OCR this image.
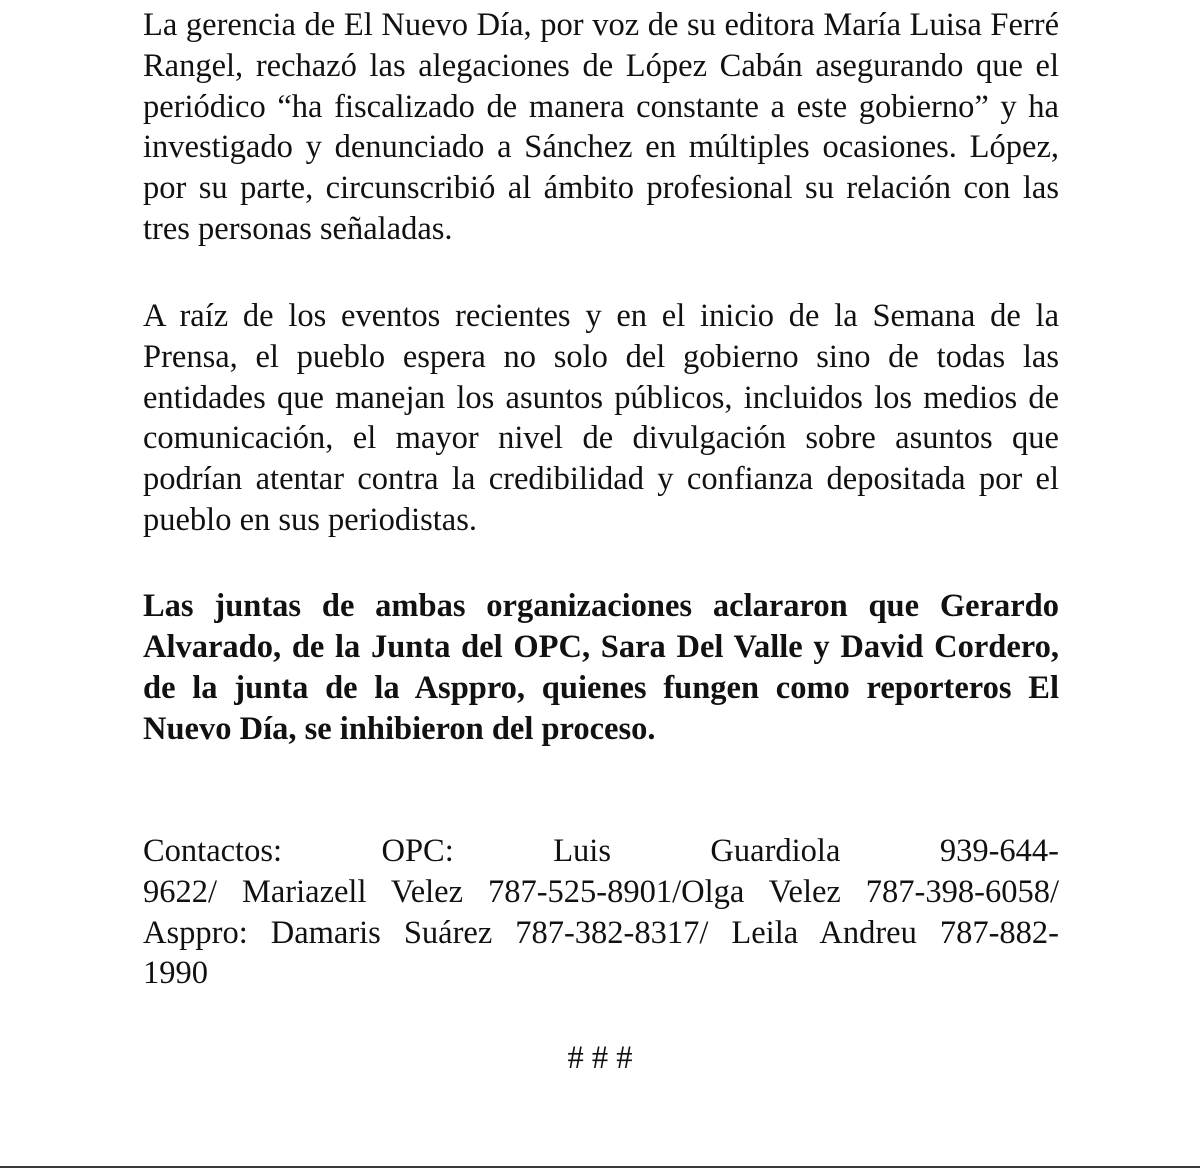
La gerencia de El Nuevo Día, por voz de su editora María Luisa Ferré Rangel, rechazó las alegaciones de López Cabán asegurando que el periódico “ha fiscalizado de manera constante a este gobierno” y ha investigado y denunciado a Sánchez en múltiples ocasiones. López, por su parte, circunscribió al ámbito profesional su relación con las tres personas señaladas.

A raíz de los eventos recientes y en el inicio de la Semana de la Prensa, el pueblo espera no solo del gobierno sino de todas las entidades que manejan los asuntos públicos, incluidos los medios de comunicación, el mayor nivel de divulgación sobre asuntos que podrían atentar contra la credibilidad y confianza depositada por el pueblo en sus periodistas.

Las juntas de ambas organizaciones aclararon que Gerardo Alvarado, de la Junta del OPC, Sara Del Valle y David Cordero, de la junta de la Asppro, quienes fungen como reporteros El Nuevo Día, se inhibieron del proceso.

Contactos: OPC: Luis Guardiola 939-644-
9622/ Mariazell Velez 787-525-8901/Olga Velez 787-398-6058/
Asppro: Damaris Suárez 787-382-8317/ Leila Andreu 787-882-
1990

# # #
